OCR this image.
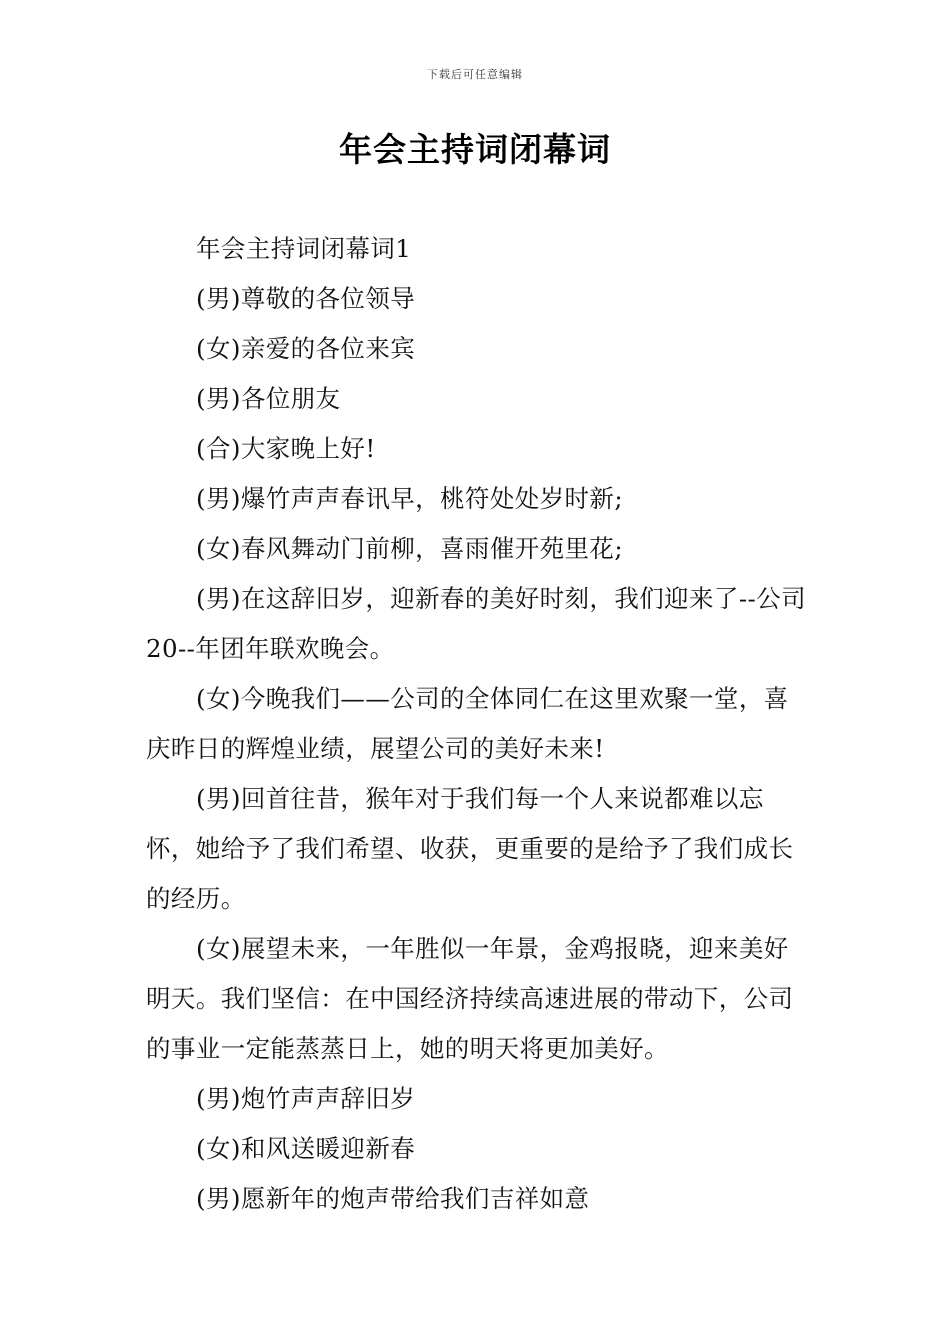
下载后可任意编辑
年会主持词闭幕词

年会主持词闭幕词1

(男)尊敬的各位领导

(女)亲爱的各位来宾

(男)各位朋友

(合)大家晚上好!

(男)爆竹声声春讯早，桃符处处岁时新;

(女)春风舞动门前柳，喜雨催开苑里花;

(男)在这辞旧岁，迎新春的美好时刻，我们迎来了--公司20--年团年联欢晚会。

(女)今晚我们——公司的全体同仁在这里欢聚一堂，喜庆昨日的辉煌业绩，展望公司的美好未来!

(男)回首往昔，猴年对于我们每一个人来说都难以忘怀，她给予了我们希望、收获，更重要的是给予了我们成长的经历。

(女)展望未来，一年胜似一年景，金鸡报晓，迎来美好明天。我们坚信：在中国经济持续高速进展的带动下，公司的事业一定能蒸蒸日上，她的明天将更加美好。

(男)炮竹声声辞旧岁

(女)和风送暖迎新春

(男)愿新年的炮声带给我们吉祥如意
